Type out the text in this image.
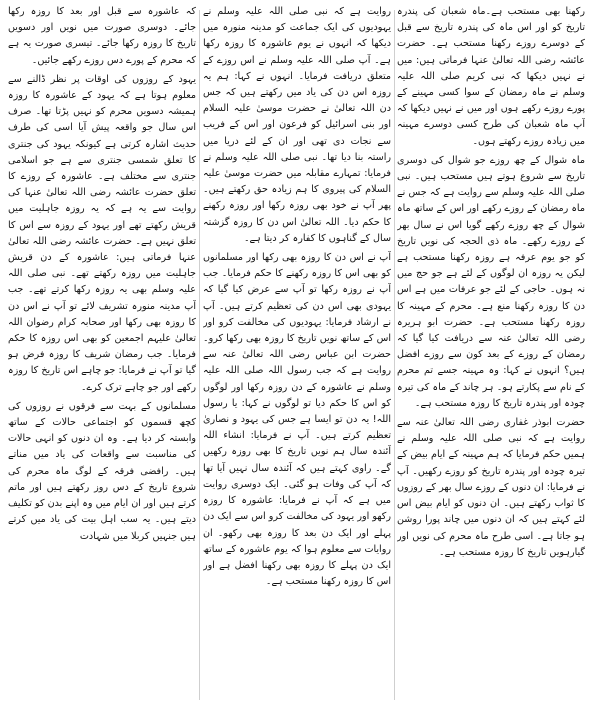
رکھنا بھی مستحب ہے۔ماہ شعبان کی پندرہ تاریخ کو اور اس ماہ کی پندرہ تاریخ سے قبل کے دوسرے روزے رکھنا مستحب ہے۔ حضرت عائشہ رضی اللہ تعالیٰ عنہا فرماتی ہیں: میں نے نہیں دیکھا کہ نبی کریم صلی اللہ علیہ وسلم نے ماہ رمضان کے سوا کسی مہینے کے پورے روزے رکھے ہوں اور میں نے نہیں دیکھا کہ آپ ماہ شعبان کی طرح کسی دوسرے مہینہ میں زیادہ روزے رکھتے ہوں۔

ماہ شوال کے چھ روزے جو شوال کی دوسری تاریخ سے شروع ہوتے ہیں مستحب ہیں۔ نبی صلی اللہ علیہ وسلم سے روایت ہے کہ جس نے ماہ رمضان کے روزے رکھے اور اس کے ساتھ ماہ شوال کے چھ روزے رکھے گویا اس نے سال بھر کے روزے رکھے۔ ماہ ذی الحجہ کی نویں تاریخ کو جو یوم عرفہ ہے روزہ رکھنا مستحب ہے لیکن یہ روزہ ان لوگوں کے لئے ہے جو حج میں نہ ہوں۔ حاجی کے لئے جو عرفات میں ہے اس دن کا روزہ رکھنا منع ہے۔ محرم کے مہینہ کا روزہ رکھنا مستحب ہے۔ حضرت ابو ہریرہ رضی اللہ تعالیٰ عنہ سے دریافت کیا گیا کہ رمضان کے روزے کے بعد کون سے روزے افضل ہیں؟ انہوں نے کہا: وہ مہینہ جسے تم محرم کے نام سے پکارتے ہو۔ ہر چاند کے ماہ کی تیرہ چودہ اور پندرہ تاریخ کا روزہ مستحب ہے۔

حضرت ابوذر غفاری رضی اللہ تعالیٰ عنہ سے روایت ہے کہ نبی صلی اللہ علیہ وسلم نے ہمیں حکم فرمایا کہ ہم مہینہ کے ایام بیض کے تیرہ چودہ اور پندرہ تاریخ کو روزے رکھیں۔ آپ نے فرمایا: ان دنوں کے روزے سال بھر کے روزوں کا ثواب رکھتے ہیں۔ ان دنوں کو ایام بیض اس لئے کہتے ہیں کہ ان دنوں میں چاند پورا روشن ہو جاتا ہے۔ اسی طرح ماہ محرم کی نویں اور گیارہویں تاریخ کا روزہ مستحب ہے۔

روایت ہے کہ نبی صلی اللہ علیہ وسلم نے یہودیوں کی ایک جماعت کو مدینہ منورہ میں دیکھا کہ انہوں نے یوم عاشورہ کا روزہ رکھا ہے۔ آپ صلی اللہ علیہ وسلم نے اس روزے کے متعلق دریافت فرمایا۔ انہوں نے کہا: ہم یہ روزہ اس دن کی یاد میں رکھتے ہیں کہ جس دن اللہ تعالیٰ نے حضرت موسیٰ علیہ السلام اور بنی اسرائیل کو فرعون اور اس کے فریب سے نجات دی تھی اور ان کے لئے دریا میں راستہ بنا دیا تھا۔ نبی صلی اللہ علیہ وسلم نے فرمایا: تمہارے مقابلہ میں حضرت موسیٰ علیہ السلام کی پیروی کا ہم زیادہ حق رکھتے ہیں۔ پھر آپ نے خود بھی روزہ رکھا اور روزہ رکھنے کا حکم دیا۔ اللہ تعالیٰ اس دن کا روزہ گزشتہ سال کے گناہوں کا کفارہ کر دیتا ہے۔

آپ نے اس دن کا روزہ بھی رکھا اور مسلمانوں کو بھی اس کا روزہ رکھنے کا حکم فرمایا۔ جب آپ نے روزہ رکھا تو آپ سے عرض کیا گیا کہ یہودی بھی اس دن کی تعظیم کرتے ہیں۔ آپ نے ارشاد فرمایا: یہودیوں کی مخالفت کرو اور اس کے ساتھ نویں تاریخ کا روزہ بھی رکھا کرو۔ حضرت ابن عباس رضی اللہ تعالیٰ عنہ سے روایت ہے کہ جب رسول اللہ صلی اللہ علیہ وسلم نے عاشورہ کے دن روزہ رکھا اور لوگوں کو اس کا حکم دیا تو لوگوں نے کہا: یا رسول اللہ! یہ دن تو ایسا ہے جس کی یہود و نصاریٰ تعظیم کرتے ہیں۔ آپ نے فرمایا: انشاء اللہ آئندہ سال ہم نویں تاریخ کا بھی روزہ رکھیں گے۔ راوی کہتے ہیں کہ آئندہ سال نہیں آیا تھا کہ آپ کی وفات ہو گئی۔ ایک دوسری روایت میں ہے کہ آپ نے فرمایا: عاشورہ کا روزہ رکھو اور یہود کی مخالفت کرو اس سے ایک دن پہلے اور ایک دن بعد کا روزہ بھی رکھو۔ ان روایات سے معلوم ہوا کہ یوم عاشورہ کے ساتھ ایک دن پہلے کا روزہ بھی رکھنا افضل ہے اور اس کا روزہ رکھنا مستحب ہے۔

کہ عاشورہ سے قبل اور بعد کا روزہ رکھا جائے۔ دوسری صورت میں نویں اور دسویں تاریخ کا روزہ رکھا جائے۔ تیسری صورت یہ ہے کہ محرم کے پورے دس روزے رکھے جائیں۔

یہود کے روزوں کی اوقات پر نظر ڈالنے سے معلوم ہوتا ہے کہ یہود کے عاشورہ کا روزہ ہمیشہ دسویں محرم کو نہیں پڑتا تھا۔ صرف اس سال جو واقعہ پیش آیا اسی کی طرف حدیث اشارہ کرتی ہے کیونکہ یہود کی جنتری کا تعلق شمسی جنتری سے ہے جو اسلامی جنتری سے مختلف ہے۔ عاشورہ کے روزے کا تعلق حضرت عائشہ رضی اللہ تعالیٰ عنہا کی روایت سے یہ ہے کہ یہ روزہ جاہلیت میں قریش رکھتے تھے اور یہود کے روزہ سے اس کا تعلق نہیں ہے۔ حضرت عائشہ رضی اللہ تعالیٰ عنہا فرماتی ہیں: عاشورہ کے دن قریش جاہلیت میں روزہ رکھتے تھے۔ نبی صلی اللہ علیہ وسلم بھی یہ روزہ رکھا کرتے تھے۔ جب آپ مدینہ منورہ تشریف لائے تو آپ نے اس دن کا روزہ بھی رکھا اور صحابہ کرام رضوان اللہ تعالیٰ علیہم اجمعین کو بھی اس روزہ کا حکم فرمایا۔ جب رمضان شریف کا روزہ فرض ہو گیا تو آپ نے فرمایا: جو چاہے اس تاریخ کا روزہ رکھے اور جو چاہے ترک کرے۔

مسلمانوں کے بہت سے فرقوں نے روزوں کی کچھ قسموں کو اجتماعی حالات کے ساتھ وابستہ کر دیا ہے۔ وہ ان دنوں کو انہی حالات کی مناسبت سے واقعات کی یاد میں مناتے ہیں۔ رافضی فرقہ کے لوگ ماہ محرم کی شروع تاریخ کے دس روز رکھتے ہیں اور ماتم کرتے ہیں اور ان ایام میں وہ اپنے بدن کو تکلیف دیتے ہیں۔ یہ سب اہل بیت کی یاد میں کرتے ہیں جنہیں کربلا میں شہادت
